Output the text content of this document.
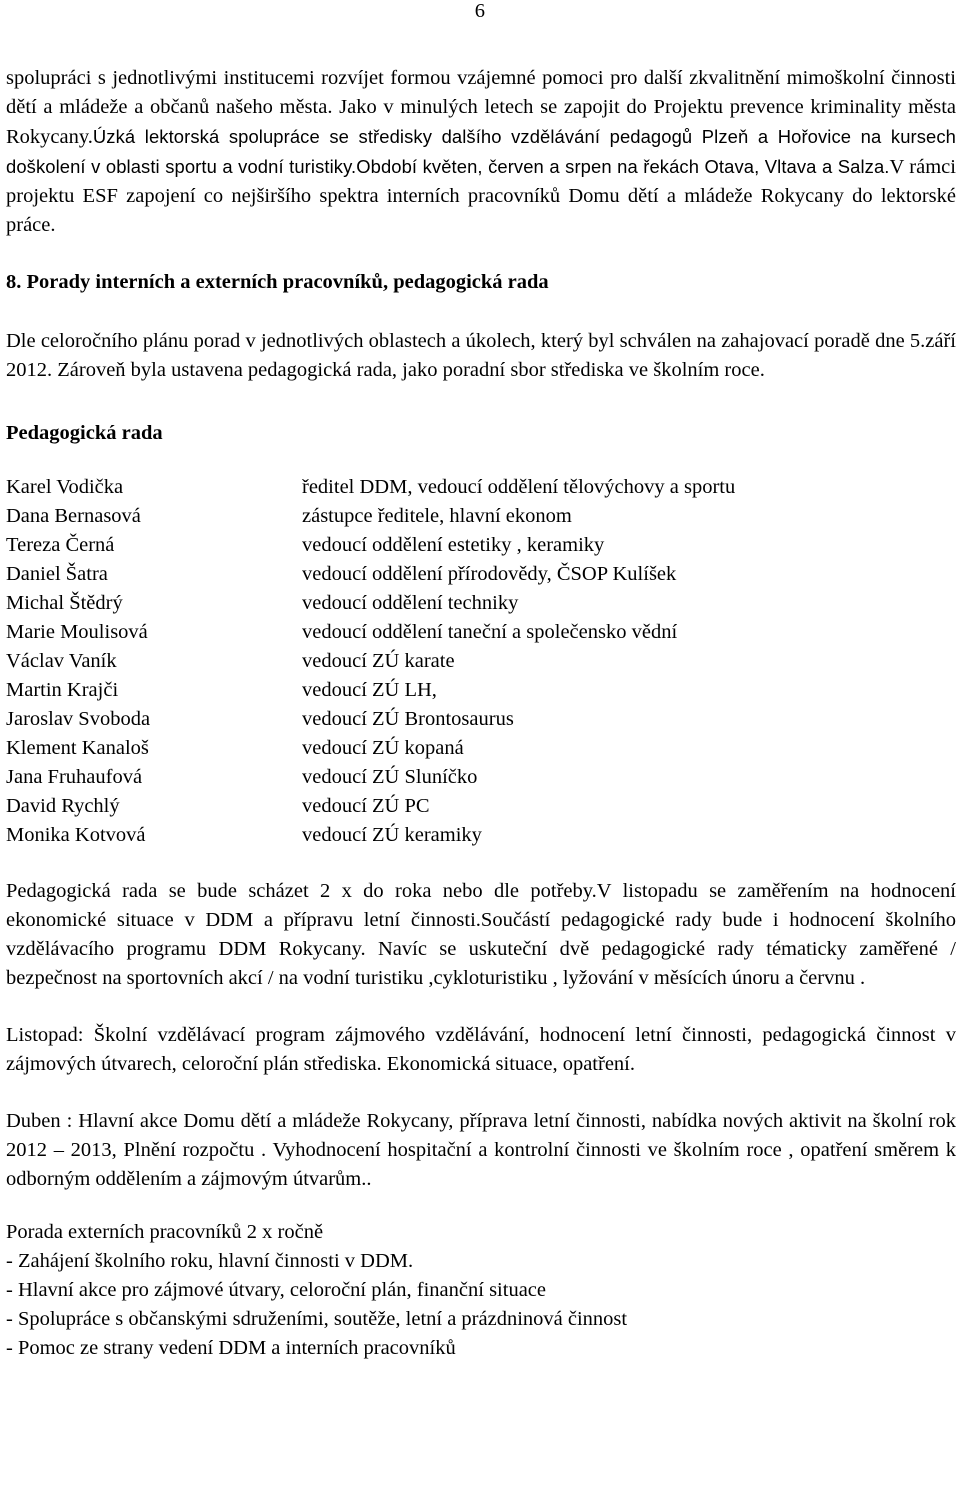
6

spolupráci s jednotlivými institucemi rozvíjet formou vzájemné pomoci pro další zkvalitnění mimoškolní činnosti dětí a mládeže a občanů našeho města. Jako v minulých letech se zapojit do Projektu prevence kriminality města Rokycany.Úzká lektorská spolupráce se středisky dalšího vzdělávání pedagogů Plzeň a Hořovice na kursech doškolení v oblasti sportu a vodní turistiky.Období květen, červen a srpen na řekách Otava, Vltava a Salza.V rámci projektu ESF zapojení co nejširšího spektra interních pracovníků Domu dětí a mládeže Rokycany do lektorské práce.

8. Porady interních a externích pracovníků, pedagogická rada

Dle celoročního plánu porad v jednotlivých oblastech a úkolech, který byl schválen na zahajovací poradě dne 5.září 2012. Zároveň byla ustavena pedagogická rada, jako poradní sbor střediska ve školním roce.

Pedagogická rada

Karel Vodička	ředitel DDM, vedoucí oddělení tělovýchovy a sportu
Dana Bernasová	zástupce ředitele, hlavní ekonom
Tereza Černá	vedoucí oddělení estetiky , keramiky
Daniel Šatra	vedoucí oddělení přírodovědy, ČSOP Kulíšek
Michal Štědrý	vedoucí oddělení techniky
Marie Moulisová	vedoucí oddělení taneční a společensko vědní
Václav Vaník	vedoucí ZÚ karate
Martin Krajči	vedoucí ZÚ LH,
Jaroslav Svoboda	vedoucí ZÚ Brontosaurus
Klement Kanaloš	vedoucí ZÚ kopaná
Jana Fruhaufová	vedoucí ZÚ Sluníčko
David Rychlý	vedoucí ZÚ PC
Monika Kotvová	vedoucí ZÚ keramiky

Pedagogická rada se bude scházet 2 x do roka nebo dle potřeby.V listopadu se zaměřením na hodnocení ekonomické situace v DDM a přípravu letní činnosti.Součástí pedagogické rady bude i hodnocení školního vzdělávacího programu DDM Rokycany. Navíc se uskuteční dvě pedagogické rady tématicky zaměřené / bezpečnost na sportovních akcí / na vodní turistiku ,cykloturistiku , lyžování v měsících únoru a červnu .

Listopad: Školní vzdělávací program zájmového vzdělávání, hodnocení letní činnosti, pedagogická činnost v zájmových útvarech, celoroční plán střediska. Ekonomická situace, opatření.

Duben : Hlavní akce Domu dětí a mládeže Rokycany, příprava letní činnosti, nabídka nových aktivit na školní rok 2012 – 2013, Plnění rozpočtu . Vyhodnocení hospitační a kontrolní činnosti ve školním roce , opatření směrem k odborným oddělením a zájmovým útvarům..

Porada externích pracovníků 2 x ročně

- Zahájení školního roku, hlavní činnosti v DDM.

- Hlavní akce pro zájmové útvary, celoroční plán, finanční situace

- Spolupráce s občanskými sdruženími, soutěže, letní a prázdninová činnost

- Pomoc ze strany vedení DDM a interních pracovníků
